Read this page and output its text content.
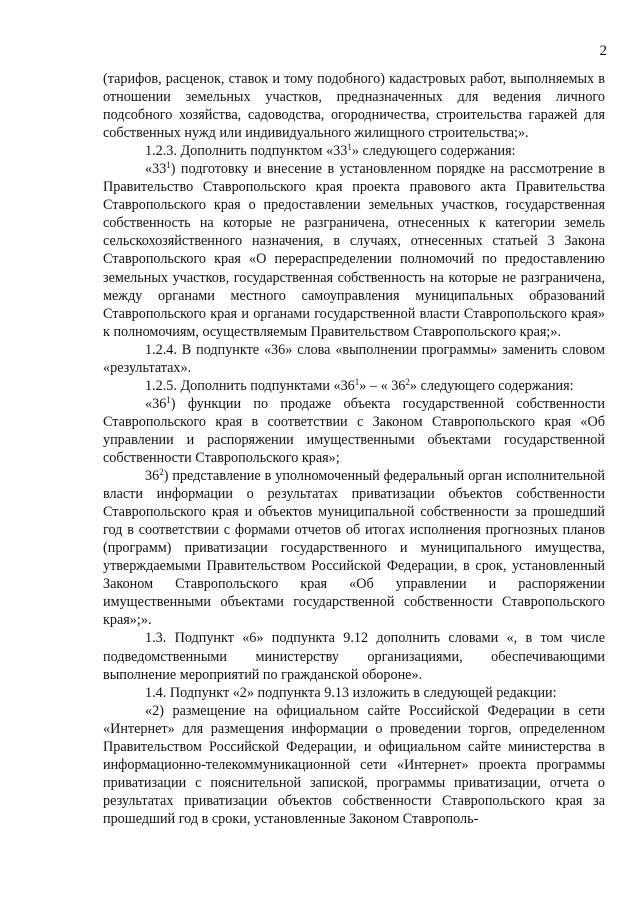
2

(тарифов, расценок, ставок и тому подобного) кадастровых работ, выполняемых в отношении земельных участков, предназначенных для ведения личного подсобного хозяйства, садоводства, огородничества, строительства гаражей для собственных нужд или индивидуального жилищного строительства;».

1.2.3. Дополнить подпунктом «$33^1$» следующего содержания:

«$33^1$) подготовку и внесение в установленном порядке на рассмотрение в Правительство Ставропольского края проекта правового акта Правительства Ставропольского края о предоставлении земельных участков, государственная собственность на которые не разграничена, отнесенных к категории земель сельскохозяйственного назначения, в случаях, отнесенных статьей 3 Закона Ставропольского края «О перераспределении полномочий по предоставлению земельных участков, государственная собственность на которые не разграничена, между органами местного самоуправления муниципальных образований Ставропольского края и органами государственной власти Ставропольского края» к полномочиям, осуществляемым Правительством Ставропольского края;».

1.2.4. В подпункте «36» слова «выполнении программы» заменить словом «результатах».

1.2.5. Дополнить подпунктами «$36^1$» – « $36^2$» следующего содержания:

«$36^1$) функции по продаже объекта государственной собственности Ставропольского края в соответствии с Законом Ставропольского края «Об управлении и распоряжении имущественными объектами государственной собственности Ставропольского края»;

$36^2$) представление в уполномоченный федеральный орган исполнительной власти информации о результатах приватизации объектов собственности Ставропольского края и объектов муниципальной собственности за прошедший год в соответствии с формами отчетов об итогах исполнения прогнозных планов (программ) приватизации государственного и муниципального имущества, утверждаемыми Правительством Российской Федерации, в срок, установленный Законом Ставропольского края «Об управлении и распоряжении имущественными объектами государственной собственности Ставропольского края»;».

1.3. Подпункт «6» подпункта 9.12 дополнить словами «, в том числе подведомственными министерству организациями, обеспечивающими выполнение мероприятий по гражданской обороне».

1.4. Подпункт «2» подпункта 9.13 изложить в следующей редакции:

«2) размещение на официальном сайте Российской Федерации в сети «Интернет» для размещения информации о проведении торгов, определенном Правительством Российской Федерации, и официальном сайте министерства в информационно-телекоммуникационной сети «Интернет» проекта программы приватизации с пояснительной запиской, программы приватизации, отчета о результатах приватизации объектов собственности Ставропольского края за прошедший год в сроки, установленные Законом Ставрополь-
